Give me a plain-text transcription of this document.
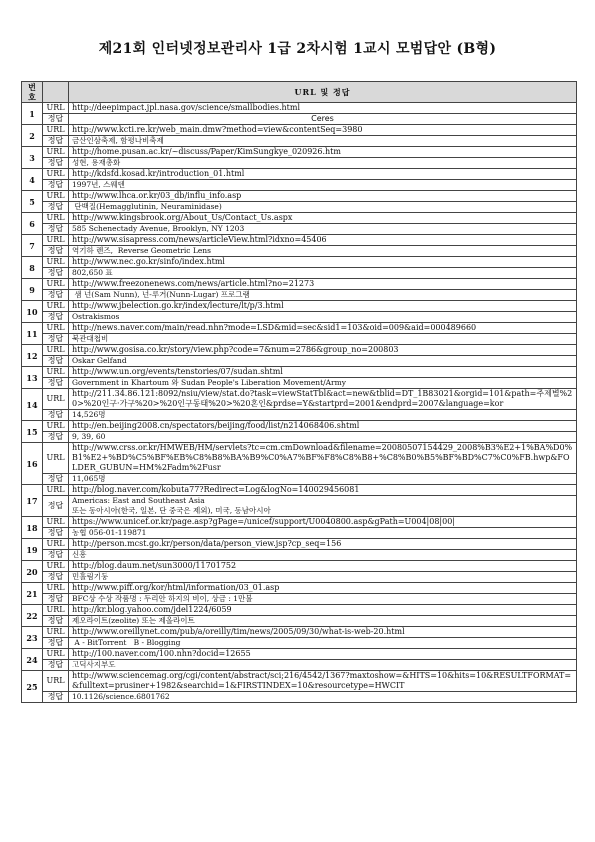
제21회 인터넷정보관리사 1급 2차시험 1교시 모범답안 (B형)
번호		URL 및 정답
1	URL	http://deepimpact.jpl.nasa.gov/science/smallbodies.html
	정답	Ceres

2	URL	http://www.kcti.re.kr/web_main.dmw?method=view&contentSeq=3980
	정답	금산인삼축제, 함평나비축제

3	URL	http://home.pusan.ac.kr/~discuss/Paper/KimSungkye_020926.htm
	정답	성현, 용재총화

4	URL	http://kdsfd.kosad.kr/introduction_01.html
	정답	1997년, 스웨덴

5	URL	http://www.lhca.or.kr/03_db/influ_info.asp
	정답	단백질(Hemagglutinin, Neuraminidase)

6	URL	http://www.kingsbrook.org/About_Us/Contact_Us.aspx
	정답	585 Schenectady Avenue, Brooklyn, NY 1203

7	URL	http://www.sisapress.com/news/articleView.html?idxno=45406
	정답	역기하 렌즈,  Reverse Geometric Lens

8	URL	http://www.nec.go.kr/sinfo/index.html
	정답	802,650 표

9	URL	http://www.freezonenews.com/news/article.html?no=21273
	정답	샘 넌(Sam Nunn), 넌-루거(Nunn-Lugar) 프로그램

10	URL	http://www.jbelection.go.kr/index/lecture/lt/p/3.html
	정답	Ostrakismos

11	URL	http://news.naver.com/main/read.nhn?mode=LSD&mid=sec&sid1=103&oid=009&aid=000489660
	정답	북관대첩비

12	URL	http://www.gosisa.co.kr/story/view.php?code=7&num=2786&group_no=200803
	정답	Oskar Gelfand

13	URL	http://www.un.org/events/tenstories/07/sudan.shtml
	정답	Government in Khartoum 와 Sudan People's Liberation Movement/Army

14	URL	http://211.34.86.121:8092/nsiu/view/stat.do?task=viewStatTbl&act=new&tblid=DT_1B83021&orgid=101&path=주제별%20>%20인구·가구%20>%20인구동태%20>%20혼인&prdse=Y&startprd=2001&endprd=2007&language=kor
	정답	14,526명

15	URL	http://en.beijing2008.cn/spectators/beijing/food/list/n214068406.shtml
	정답	9, 39, 60

16	URL	http://www.crss.or.kr/HMWEB/HM/servlets?tc=cm.cmDownload&filename=20080507154429_2008%B3%E2+1%BA%D0%B1%E2+%BD%C5%BF%EB%C8%B8%BA%B9%C0%A7%BF%F8%C8%B8+%C8%B0%B5%BF%BD%C7%C0%FB.hwp&FOLDER_GUBUN=HM%2Fadm%2Fusr
	정답	11,065명

17	URL	http://blog.naver.com/kobuta77?Redirect=Log&logNo=140029456081
	정답	Americas: East and Southeast Asia
또는 동아시아(한국, 일본, 단 중국은 제외), 미국, 동남아시아

18	URL	https://www.unicef.or.kr/page.asp?gPage=/unicef/support/U0040800.asp&gPath=U004|08|00|
	정답	농협 056-01-119871

19	URL	http://person.mcst.go.kr/person/data/person_view.jsp?cp_seq=156
	정답	신흥

20	URL	http://blog.daum.net/sun3000/11701752
	정답	민홀림기둥

21	URL	http://www.piff.org/kor/html/information/03_01.asp
	정답	BFC상 수상 작품명 : 두리안 하지의 비이, 상금 : 1만불

22	URL	http://kr.blog.yahoo.com/jdel1224/6059
	정답	제오라이트(zeolite) 또는 제올라이트

23	URL	http://www.oreillynet.com/pub/a/oreilly/tim/news/2005/09/30/what-is-web-20.html
	정답	A - BitTorrent   B - Blogging

24	URL	http://100.naver.com/100.nhn?docid=12655
	정답	고딕사지부도

25	URL	http://www.sciencemag.org/cgi/content/abstract/sci;216/4542/1367?maxtoshow=&HITS=10&hits=10&RESULTFORMAT=&fulltext=prusiner+1982&searchid=1&FIRSTINDEX=10&resourcetype=HWCIT
	정답	10.1126/science.6801762
